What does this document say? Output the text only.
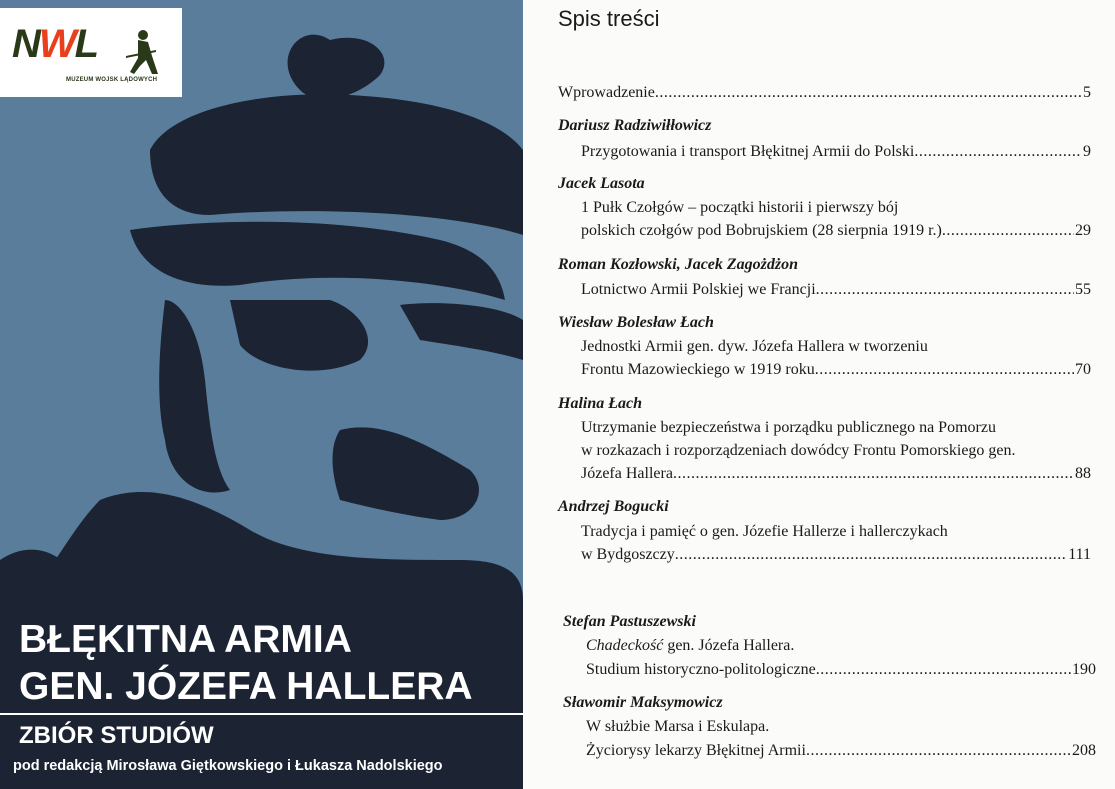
NWL
MUZEUM WOJSK LĄDOWYCH
BŁĘKITNA ARMIA
GEN. JÓZEFA HALLERA
ZBIÓR STUDIÓW
pod redakcją Mirosława Giętkowskiego i Łukasza Nadolskiego
Spis treści
Wprowadzenie .....	5
Dariusz Radziwiłłowicz
Przygotowania i transport Błękitnej Armii do Polski .....	9
Jacek Lasota
1 Pułk Czołgów – początki historii i pierwszy bój
polskich czołgów pod Bobrujskiem (28 sierpnia 1919 r.) .....	29
Roman Kozłowski, Jacek Zagożdżon
Lotnictwo Armii Polskiej we Francji .....	55
Wiesław Bolesław Łach
Jednostki Armii gen. dyw. Józefa Hallera w tworzeniu
Frontu Mazowieckiego w 1919 roku .....	70
Halina Łach
Utrzymanie bezpieczeństwa i porządku publicznego na Pomorzu
w rozkazach i rozporządzeniach dowódcy Frontu Pomorskiego gen.
Józefa Hallera .....	88
Andrzej Bogucki
Tradycja i pamięć o gen. Józefie Hallerze i hallerczykach
w Bydgoszczy .....	111
Stefan Pastuszewski
Chadeckość gen. Józefa Hallera.
Studium historyczno-politologiczne .....	190
Sławomir Maksymowicz
W służbie Marsa i Eskulapa.
Życiorysy lekarzy Błękitnej Armii .....	208
